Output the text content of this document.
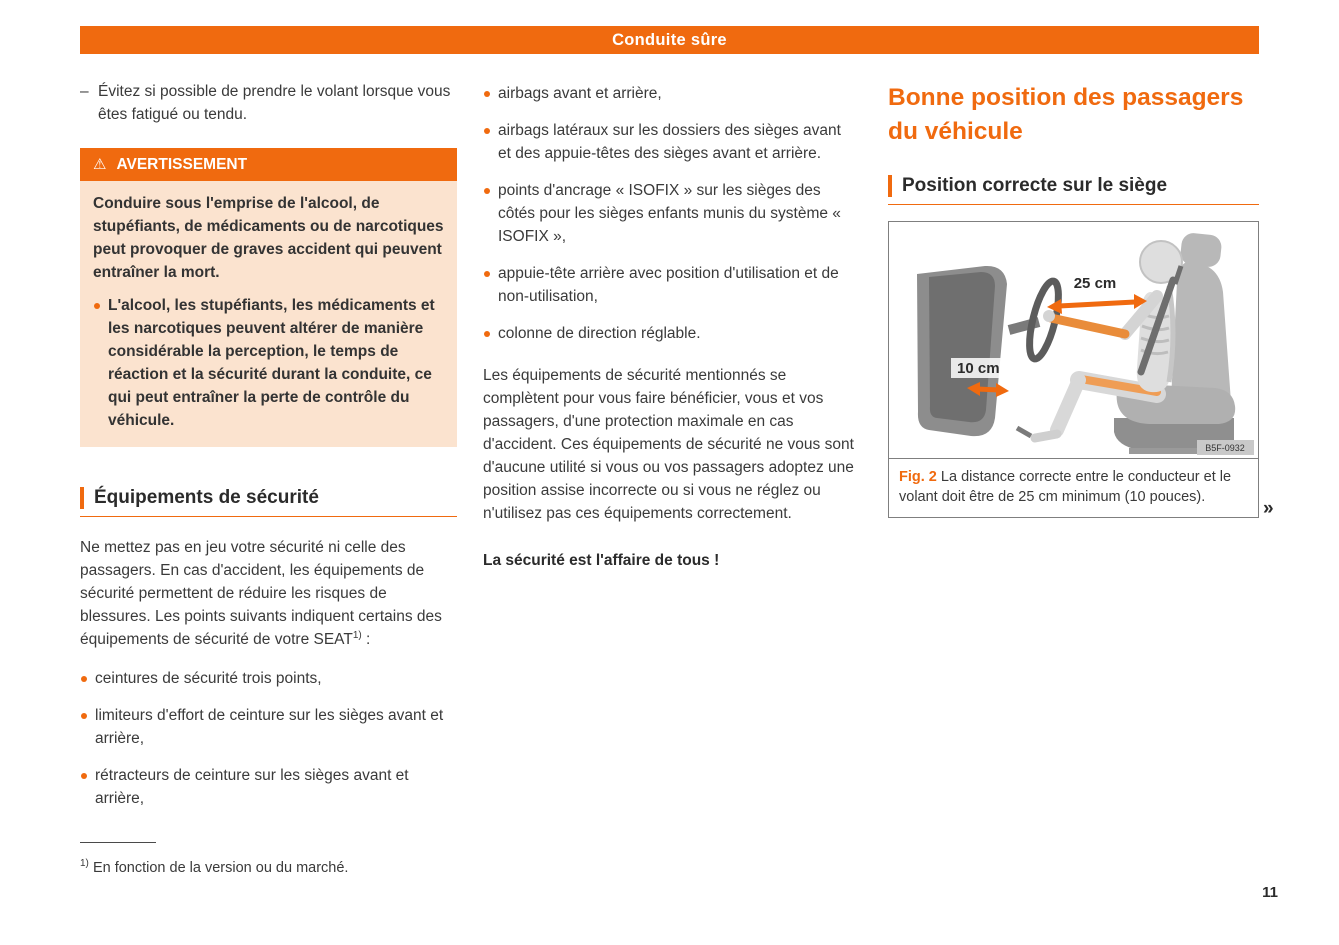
Conduite sûre
– Évitez si possible de prendre le volant lorsque vous êtes fatigué ou tendu.
⚠ AVERTISSEMENT

Conduire sous l'emprise de l'alcool, de stupéfiants, de médicaments ou de narcotiques peut provoquer de graves accident qui peuvent entraîner la mort.

L'alcool, les stupéfiants, les médicaments et les narcotiques peuvent altérer de manière considérable la perception, le temps de réaction et la sécurité durant la conduite, ce qui peut entraîner la perte de contrôle du véhicule.
Équipements de sécurité

Ne mettez pas en jeu votre sécurité ni celle des passagers. En cas d'accident, les équipements de sécurité permettent de réduire les risques de blessures. Les points suivants indiquent certains des équipements de sécurité de votre SEAT$^{1)}$ :

ceintures de sécurité trois points,
limiteurs d'effort de ceinture sur les sièges avant et arrière,
rétracteurs de ceinture sur les sièges avant et arrière,
airbags avant et arrière,
airbags latéraux sur les dossiers des sièges avant et des appuie-têtes des sièges avant et arrière.
points d'ancrage « ISOFIX » sur les sièges des côtés pour les sièges enfants munis du système « ISOFIX »,
appuie-tête arrière avec position d'utilisation et de non-utilisation,
colonne de direction réglable.

Les équipements de sécurité mentionnés se complètent pour vous faire bénéficier, vous et vos passagers, d'une protection maximale en cas d'accident. Ces équipements de sécurité ne vous sont d'aucune utilité si vous ou vos passagers adoptez une position assise incorrecte ou si vous ne réglez ou n'utilisez pas ces équipements correctement.

La sécurité est l'affaire de tous !

Bonne position des passagers du véhicule
Position correcte sur le siège
25 cm
10 cm
B5F-0932
Fig. 2 La distance correcte entre le conducteur et le volant doit être de 25 cm minimum (10 pouces).
»

$^{1)}$ En fonction de la version ou du marché.

11
